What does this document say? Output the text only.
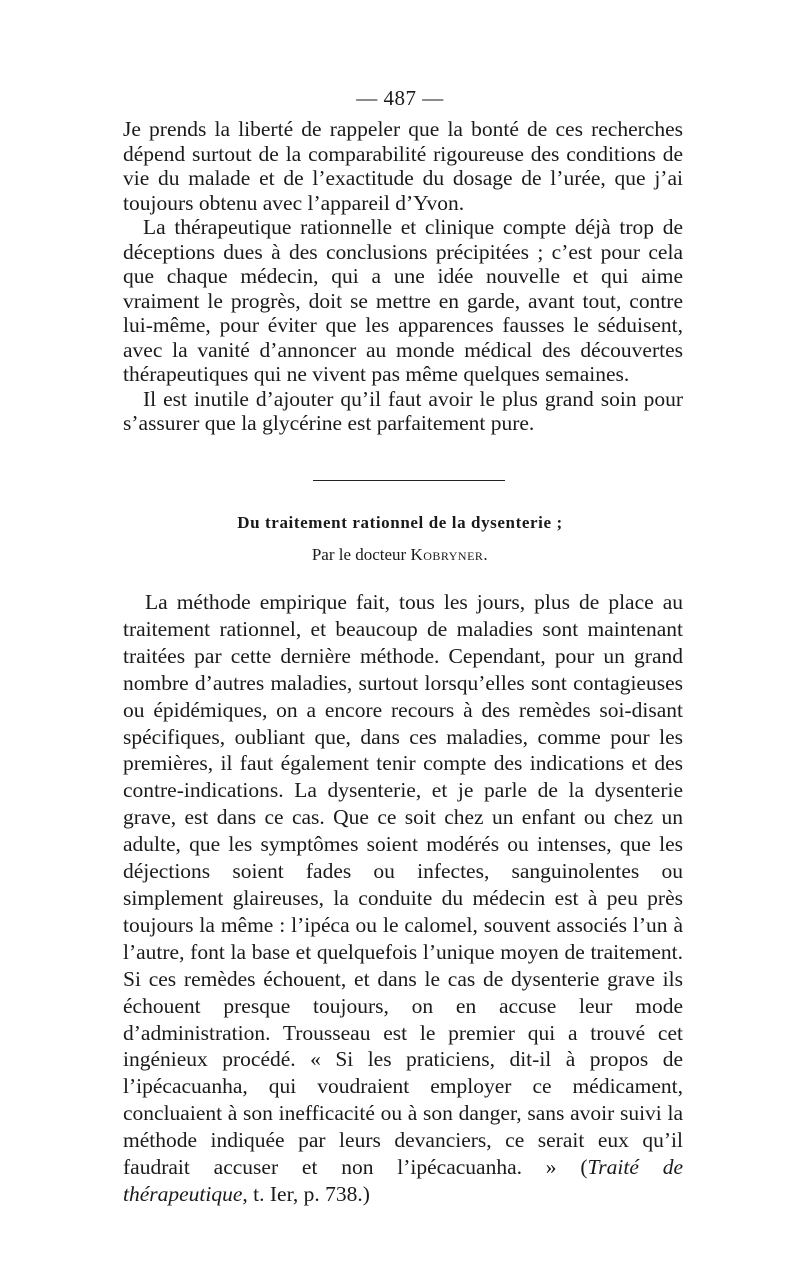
— 487 —

Je prends la liberté de rappeler que la bonté de ces recherches dépend surtout de la comparabilité rigoureuse des conditions de vie du malade et de l’exactitude du dosage de l’urée, que j’ai toujours obtenu avec l’appareil d’Yvon.

La thérapeutique rationnelle et clinique compte déjà trop de déceptions dues à des conclusions précipitées ; c’est pour cela que chaque médecin, qui a une idée nouvelle et qui aime vraiment le progrès, doit se mettre en garde, avant tout, contre lui-même, pour éviter que les apparences fausses le séduisent, avec la vanité d’annoncer au monde médical des découvertes thérapeutiques qui ne vivent pas même quelques semaines.

Il est inutile d’ajouter qu’il faut avoir le plus grand soin pour s’assurer que la glycérine est parfaitement pure.

Du traitement rationnel de la dysenterie ;
Par le docteur Kobryner.

La méthode empirique fait, tous les jours, plus de place au traitement rationnel, et beaucoup de maladies sont maintenant traitées par cette dernière méthode. Cependant, pour un grand nombre d’autres maladies, surtout lorsqu’elles sont contagieuses ou épidémiques, on a encore recours à des remèdes soi-disant spécifiques, oubliant que, dans ces maladies, comme pour les premières, il faut également tenir compte des indications et des contre-indications. La dysenterie, et je parle de la dysenterie grave, est dans ce cas. Que ce soit chez un enfant ou chez un adulte, que les symptômes soient modérés ou intenses, que les déjections soient fades ou infectes, sanguinolentes ou simplement glaireuses, la conduite du médecin est à peu près toujours la même : l’ipéca ou le calomel, souvent associés l’un à l’autre, font la base et quelquefois l’unique moyen de traitement. Si ces remèdes échouent, et dans le cas de dysenterie grave ils échouent presque toujours, on en accuse leur mode d’administration. Trousseau est le premier qui a trouvé cet ingénieux procédé. « Si les praticiens, dit-il à propos de l’ipécacuanha, qui voudraient employer ce médicament, concluaient à son inefficacité ou à son danger, sans avoir suivi la méthode indiquée par leurs devanciers, ce serait eux qu’il faudrait accuser et non l’ipécacuanha. » (Traité de thérapeutique, t. Ier, p. 738.)
